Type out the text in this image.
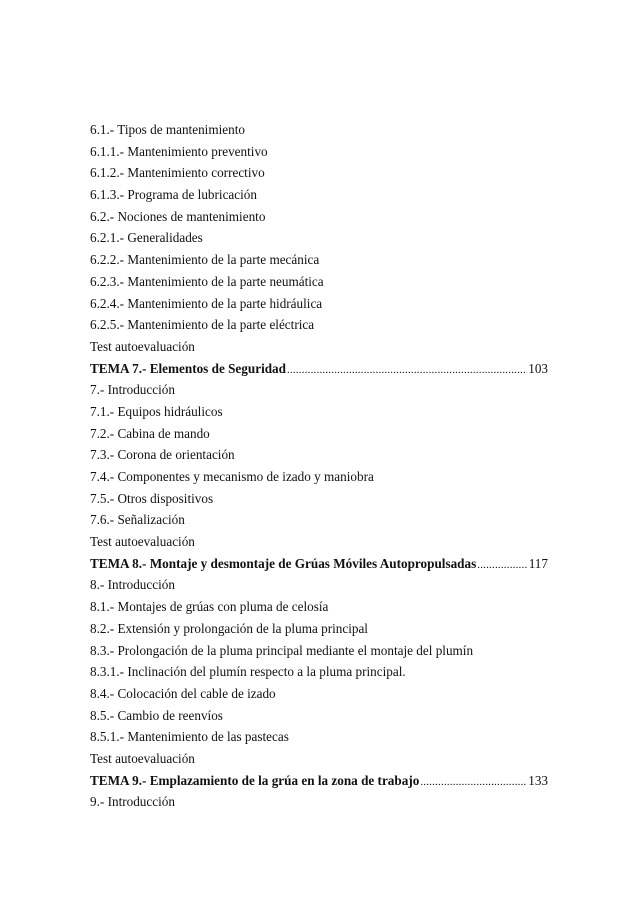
6.1.- Tipos de mantenimiento
6.1.1.- Mantenimiento preventivo
6.1.2.- Mantenimiento correctivo
6.1.3.- Programa de lubricación
6.2.- Nociones de mantenimiento
6.2.1.- Generalidades
6.2.2.- Mantenimiento de la parte mecánica
6.2.3.- Mantenimiento de la parte neumática
6.2.4.- Mantenimiento de la parte hidráulica
6.2.5.- Mantenimiento de la parte eléctrica
Test autoevaluación
TEMA 7.- Elementos de Seguridad .....	103
7.- Introducción
7.1.- Equipos hidráulicos
7.2.- Cabina de mando
7.3.- Corona de orientación
7.4.- Componentes y mecanismo de izado y maniobra
7.5.- Otros dispositivos
7.6.- Señalización
Test autoevaluación
TEMA 8.- Montaje y desmontaje de Grúas Móviles Autopropulsadas .....	117
8.- Introducción
8.1.- Montajes de grúas con pluma de celosía
8.2.- Extensión y prolongación de la pluma principal
8.3.- Prolongación de la pluma principal mediante el montaje del plumín
8.3.1.- Inclinación del plumín respecto a la pluma principal.
8.4.- Colocación del cable de izado
8.5.- Cambio de reenvíos
8.5.1.- Mantenimiento de las pastecas
Test autoevaluación
TEMA 9.- Emplazamiento de la grúa en la zona de trabajo .....	133
9.- Introducción
